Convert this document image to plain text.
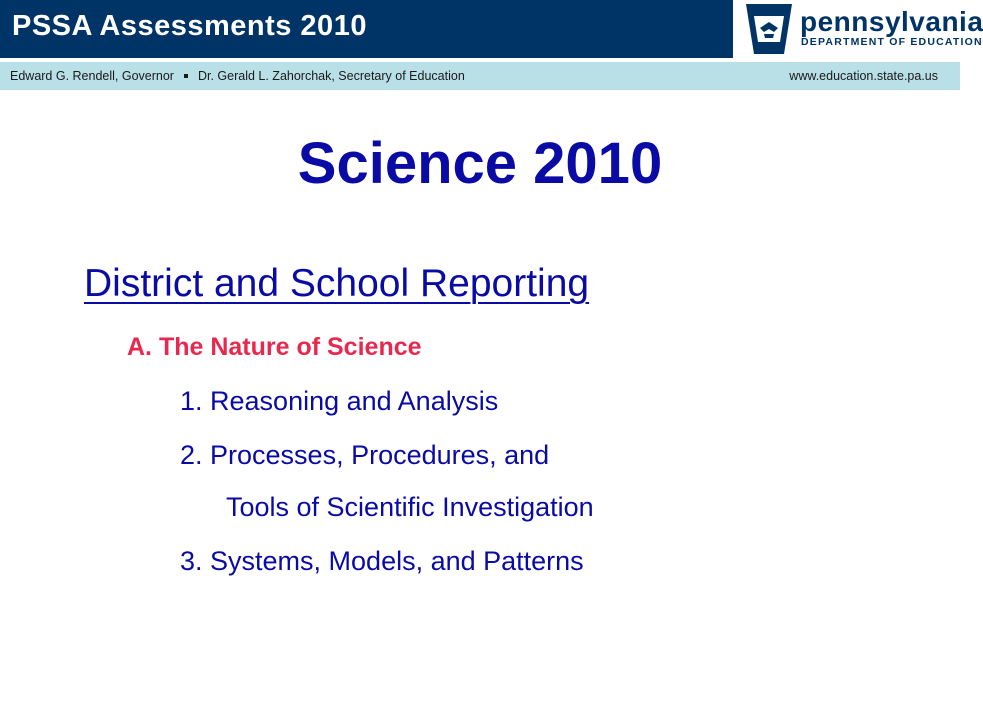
PSSA Assessments 2010	pennsylvania
DEPARTMENT OF EDUCATION
Edward G. Rendell, Governor Dr. Gerald L. Zahorchak, Secretary of Education	www.education.state.pa.us
Science 2010
District and School Reporting
A. The Nature of Science
1. Reasoning and Analysis
2. Processes, Procedures, and
Tools of Scientific Investigation
3. Systems, Models, and Patterns
